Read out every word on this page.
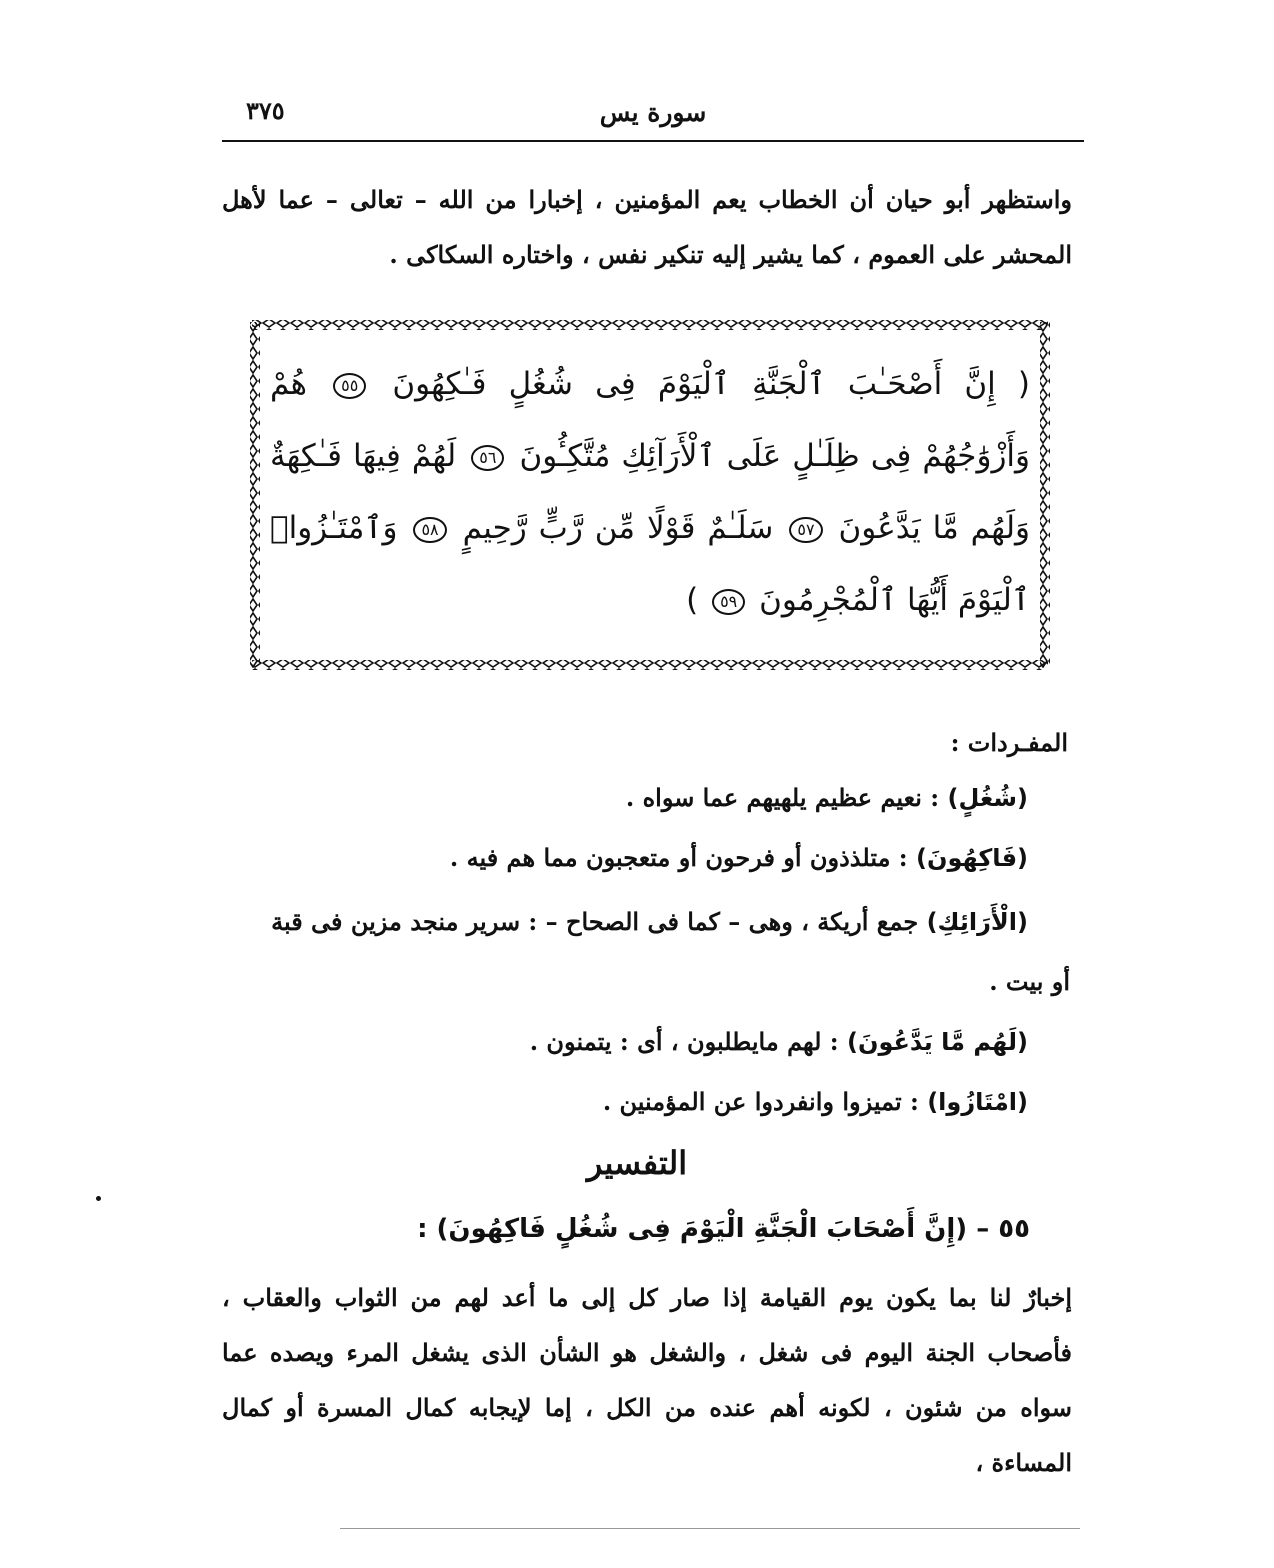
سورة يس
٣٧٥
واستظهر أبو حيان أن الخطاب يعم المؤمنين ، إخبارا من الله – تعالى – عما لأهل المحشر على العموم ، كما يشير إليه تنكير نفس ، واختاره السكاكى .
( إِنَّ أَصْحَـٰبَ ٱلْجَنَّةِ ٱلْيَوْمَ فِى شُغُلٍ فَـٰكِهُونَ ٥٥ هُمْ وَأَزْوَٰجُهُمْ فِى ظِلَـٰلٍ عَلَى ٱلْأَرَآئِكِ مُتَّكِـُٔونَ ٥٦ لَهُمْ فِيهَا فَـٰكِهَةٌ وَلَهُم مَّا يَدَّعُونَ ٥٧ سَلَـٰمٌ قَوْلًا مِّن رَّبٍّ رَّحِيمٍ ٥٨ وَٱمْتَـٰزُوا۟ ٱلْيَوْمَ أَيُّهَا ٱلْمُجْرِمُونَ ٥٩ )
المفـردات :
(شُغُلٍ) : نعيم عظيم يلهيهم عما سواه .
(فَاكِهُونَ) : متلذذون أو فرحون أو متعجبون مما هم فيه .
(الْأَرَائِكِ) جمع أريكة ، وهى – كما فى الصحاح – : سرير منجد مزين فى قبة
أو بيت .
(لَهُم مَّا يَدَّعُونَ) : لهم مايطلبون ، أى : يتمنون .
(امْتَازُوا) : تميزوا وانفردوا عن المؤمنين .
التفسير
٥٥ – (إِنَّ أَصْحَابَ الْجَنَّةِ الْيَوْمَ فِى شُغُلٍ فَاكِهُونَ) :
إخبارٌ لنا بما يكون يوم القيامة إذا صار كل إلى ما أعد لهم من الثواب والعقاب ، فأصحاب الجنة اليوم فى شغل ، والشغل هو الشأن الذى يشغل المرء ويصده عما سواه من شئون ، لكونه أهم عنده من الكل ، إما لإيجابه كمال المسرة أو كمال المساءة ،
